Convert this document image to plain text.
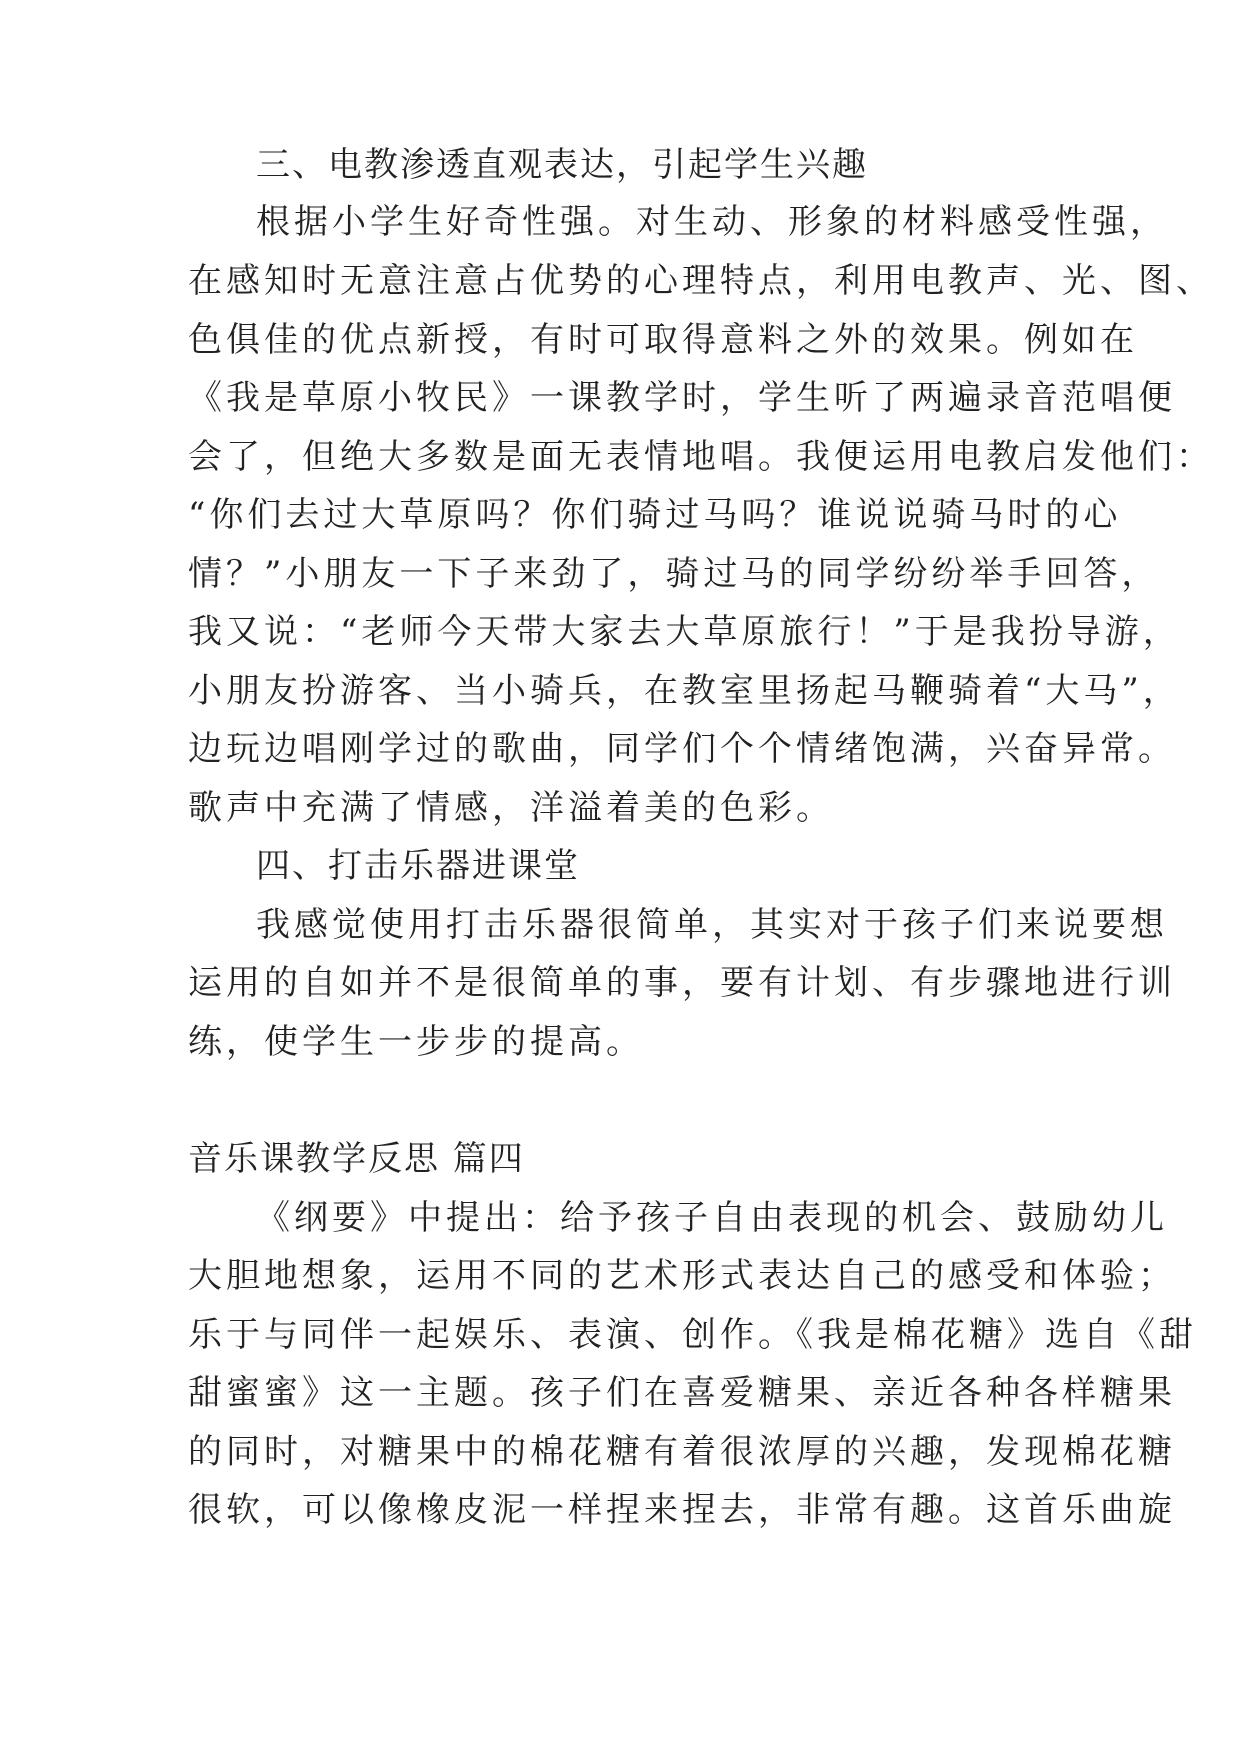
三、电教渗透直观表达，引起学生兴趣
根据小学生好奇性强。对生动、形象的材料感受性强，
在感知时无意注意占优势的心理特点，利用电教声、光、图、
色俱佳的优点新授，有时可取得意料之外的效果。例如在
《我是草原小牧民》一课教学时，学生听了两遍录音范唱便
会了，但绝大多数是面无表情地唱。我便运用电教启发他们：
“你们去过大草原吗？你们骑过马吗？谁说说骑马时的心
情？”小朋友一下子来劲了，骑过马的同学纷纷举手回答，
我又说：“老师今天带大家去大草原旅行！”于是我扮导游，
小朋友扮游客、当小骑兵，在教室里扬起马鞭骑着“大马”，
边玩边唱刚学过的歌曲，同学们个个情绪饱满，兴奋异常。
歌声中充满了情感，洋溢着美的色彩。
四、打击乐器进课堂
我感觉使用打击乐器很简单，其实对于孩子们来说要想
运用的自如并不是很简单的事，要有计划、有步骤地进行训
练，使学生一步步的提高。
音乐课教学反思 篇四
《纲要》中提出：给予孩子自由表现的机会、鼓励幼儿
大胆地想象，运用不同的艺术形式表达自己的感受和体验；
乐于与同伴一起娱乐、表演、创作。《我是棉花糖》选自《甜
甜蜜蜜》这一主题。孩子们在喜爱糖果、亲近各种各样糖果
的同时，对糖果中的棉花糖有着很浓厚的兴趣，发现棉花糖
很软，可以像橡皮泥一样捏来捏去，非常有趣。这首乐曲旋
